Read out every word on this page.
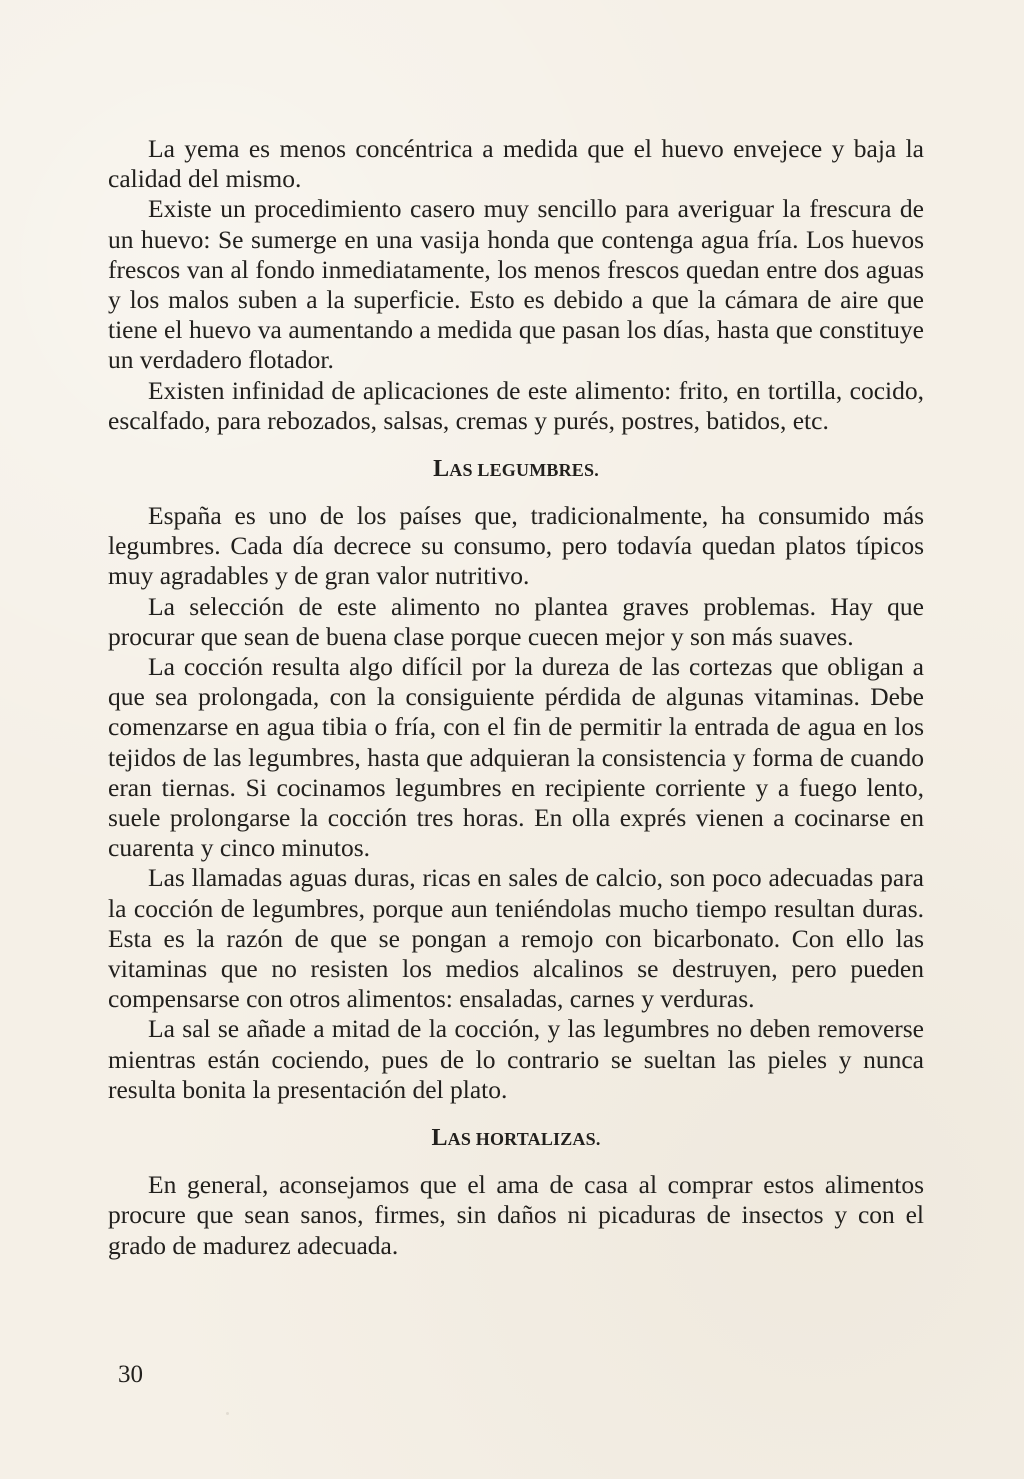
La yema es menos concéntrica a medida que el huevo envejece y baja la calidad del mismo.

Existe un procedimiento casero muy sencillo para averiguar la frescura de un huevo: Se sumerge en una vasija honda que contenga agua fría. Los huevos frescos van al fondo inmediatamente, los menos frescos quedan entre dos aguas y los malos suben a la superficie. Esto es debido a que la cámara de aire que tiene el huevo va aumentando a medida que pasan los días, hasta que constituye un verdadero flotador.

Existen infinidad de aplicaciones de este alimento: frito, en tortilla, cocido, escalfado, para rebozados, salsas, cremas y purés, postres, batidos, etc.

LAS LEGUMBRES.

España es uno de los países que, tradicionalmente, ha consumido más legumbres. Cada día decrece su consumo, pero todavía quedan platos típicos muy agradables y de gran valor nutritivo.

La selección de este alimento no plantea graves problemas. Hay que procurar que sean de buena clase porque cuecen mejor y son más suaves.

La cocción resulta algo difícil por la dureza de las cortezas que obligan a que sea prolongada, con la consiguiente pérdida de algunas vitaminas. Debe comenzarse en agua tibia o fría, con el fin de permitir la entrada de agua en los tejidos de las legumbres, hasta que adquieran la consistencia y forma de cuando eran tiernas. Si cocinamos legumbres en recipiente corriente y a fuego lento, suele prolongarse la cocción tres horas. En olla exprés vienen a cocinarse en cuarenta y cinco minutos.

Las llamadas aguas duras, ricas en sales de calcio, son poco adecuadas para la cocción de legumbres, porque aun teniéndolas mucho tiempo resultan duras. Esta es la razón de que se pongan a remojo con bicarbonato. Con ello las vitaminas que no resisten los medios alcalinos se destruyen, pero pueden compensarse con otros alimentos: ensaladas, carnes y verduras.

La sal se añade a mitad de la cocción, y las legumbres no deben removerse mientras están cociendo, pues de lo contrario se sueltan las pieles y nunca resulta bonita la presentación del plato.

LAS HORTALIZAS.

En general, aconsejamos que el ama de casa al comprar estos alimentos procure que sean sanos, firmes, sin daños ni picaduras de insectos y con el grado de madurez adecuada.

30
